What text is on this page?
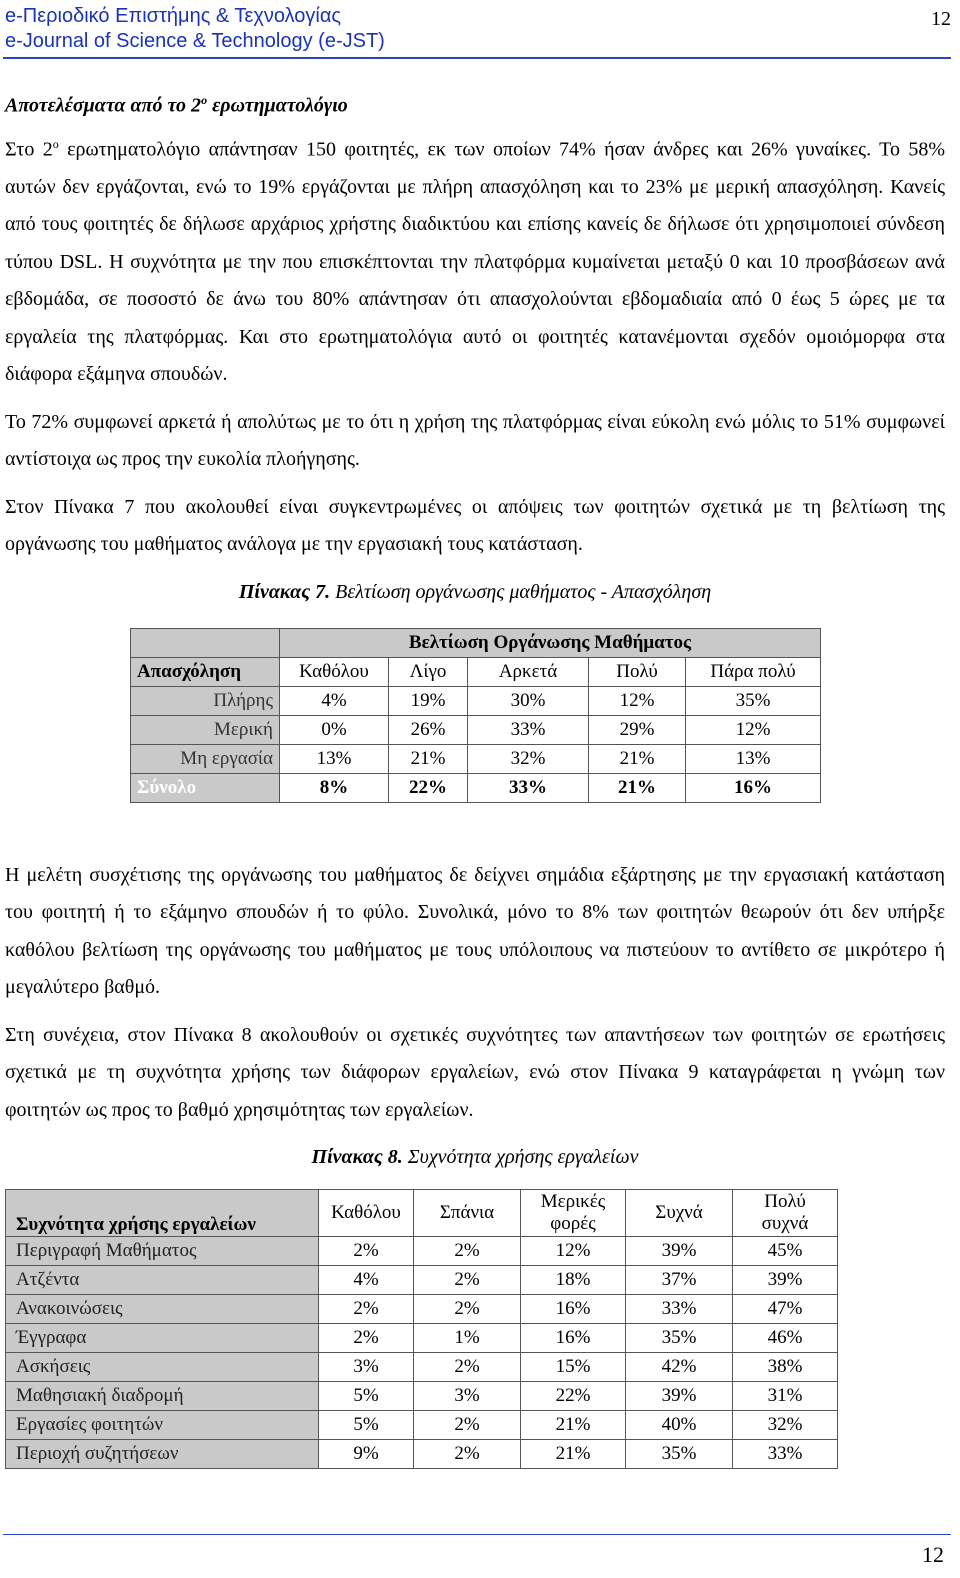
e-Περιοδικό Επιστήμης & Τεχνολογίας
e-Journal of Science & Technology (e-JST)
12
Αποτελέσματα από το $2^o$ ερωτηματολόγιο

Στο $2^o$ ερωτηματολόγιο απάντησαν 150 φοιτητές, εκ των οποίων 74% ήσαν άνδρες και 26% γυναίκες. Το 58% αυτών δεν εργάζονται, ενώ το 19% εργάζονται με πλήρη απασχόληση και το 23% με μερική απασχόληση. Κανείς από τους φοιτητές δε δήλωσε αρχάριος χρήστης διαδικτύου και επίσης κανείς δε δήλωσε ότι χρησιμοποιεί σύνδεση τύπου DSL. Η συχνότητα με την που επισκέπτονται την πλατφόρμα κυμαίνεται μεταξύ 0 και 10 προσβάσεων ανά εβδομάδα, σε ποσοστό δε άνω του 80% απάντησαν ότι απασχολούνται εβδομαδιαία από 0 έως 5 ώρες με τα εργαλεία της πλατφόρμας. Και στο ερωτηματολόγια αυτό οι φοιτητές κατανέμονται σχεδόν ομοιόμορφα στα διάφορα εξάμηνα σπουδών.

Το 72% συμφωνεί αρκετά ή απολύτως με το ότι η χρήση της πλατφόρμας είναι εύκολη ενώ μόλις το 51% συμφωνεί αντίστοιχα ως προς την ευκολία πλοήγησης.

Στον Πίνακα 7 που ακολουθεί είναι συγκεντρωμένες οι απόψεις των φοιτητών σχετικά με τη βελτίωση της οργάνωσης του μαθήματος ανάλογα με την εργασιακή τους κατάσταση.

Πίνακας 7. Βελτίωση οργάνωσης μαθήματος - Απασχόληση
	Βελτίωση Οργάνωσης Μαθήματος				
Απασχόληση	Καθόλου	Λίγο	Αρκετά	Πολύ	Πάρα πολύ
Πλήρης	4%	19%	30%	12%	35%
Μερική	0%	26%	33%	29%	12%
Μη εργασία	13%	21%	32%	21%	13%
Σύνολο	8%	22%	33%	21%	16%

Η μελέτη συσχέτισης της οργάνωσης του μαθήματος δε δείχνει σημάδια εξάρτησης με την εργασιακή κατάσταση του φοιτητή ή το εξάμηνο σπουδών ή το φύλο. Συνολικά, μόνο το 8% των φοιτητών θεωρούν ότι δεν υπήρξε καθόλου βελτίωση της οργάνωσης του μαθήματος με τους υπόλοιπους να πιστεύουν το αντίθετο σε μικρότερο ή μεγαλύτερο βαθμό.

Στη συνέχεια, στον Πίνακα 8 ακολουθούν οι σχετικές συχνότητες των απαντήσεων των φοιτητών σε ερωτήσεις σχετικά με τη συχνότητα χρήσης των διάφορων εργαλείων, ενώ στον Πίνακα 9 καταγράφεται η γνώμη των φοιτητών ως προς το βαθμό χρησιμότητας των εργαλείων.

Πίνακας 8. Συχνότητα χρήσης εργαλείων
Συχνότητα χρήσης εργαλείων	Καθόλου	Σπάνια	Μερικές
φορές	Συχνά	Πολύ
συχνά
Περιγραφή Μαθήματος	2%	2%	12%	39%	45%
Ατζέντα	4%	2%	18%	37%	39%
Ανακοινώσεις	2%	2%	16%	33%	47%
Έγγραφα	2%	1%	16%	35%	46%
Ασκήσεις	3%	2%	15%	42%	38%
Μαθησιακή διαδρομή	5%	3%	22%	39%	31%
Εργασίες φοιτητών	5%	2%	21%	40%	32%
Περιοχή συζητήσεων	9%	2%	21%	35%	33%
12
